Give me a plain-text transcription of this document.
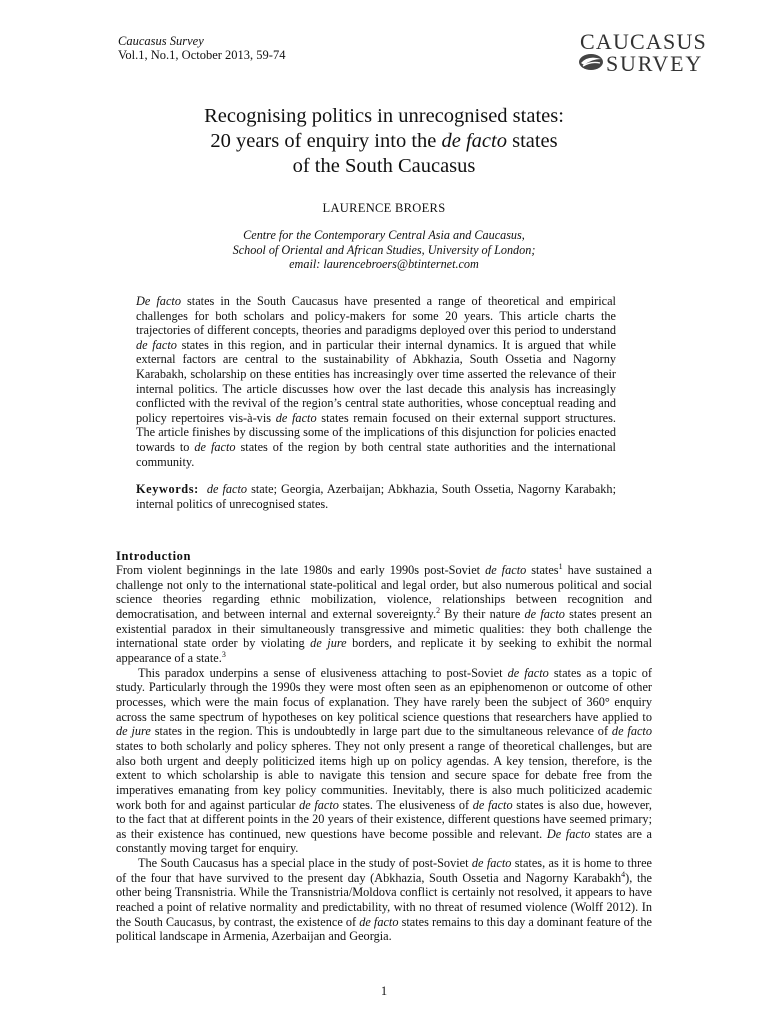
Caucasus Survey
Vol.1, No.1, October 2013, 59-74
CAUCASUS
SURVEY
Recognising politics in unrecognised states:
20 years of enquiry into the de facto states
of the South Caucasus
LAURENCE BROERS
Centre for the Contemporary Central Asia and Caucasus,
School of Oriental and African Studies, University of London;
email: laurencebroers@btinternet.com

De facto states in the South Caucasus have presented a range of theoretical and empirical challenges for both scholars and policy-makers for some 20 years. This article charts the trajectories of different concepts, theories and paradigms deployed over this period to understand de facto states in this region, and in particular their internal dynamics. It is argued that while external factors are central to the sustainability of Abkhazia, South Ossetia and Nagorny Karabakh, scholarship on these entities has increasingly over time asserted the relevance of their internal politics. The article discusses how over the last decade this analysis has increasingly conflicted with the revival of the region’s central state authorities, whose conceptual reading and policy repertoires vis-à-vis de facto states remain focused on their external support structures. The article finishes by discussing some of the implications of this disjunction for policies enacted towards to de facto states of the region by both central state authorities and the international community.

Keywords: de facto state; Georgia, Azerbaijan; Abkhazia, South Ossetia, Nagorny Karabakh; internal politics of unrecognised states.

Introduction

From violent beginnings in the late 1980s and early 1990s post-Soviet de facto states$^1$ have sustained a challenge not only to the international state-political and legal order, but also numerous political and social science theories regarding ethnic mobilization, violence, relationships between recognition and democratisation, and between internal and external sovereignty.$^2$ By their nature de facto states present an existential paradox in their simultaneously transgressive and mimetic qualities: they both challenge the international state order by violating de jure borders, and replicate it by seeking to exhibit the normal appearance of a state.$^3$

This paradox underpins a sense of elusiveness attaching to post-Soviet de facto states as a topic of study. Particularly through the 1990s they were most often seen as an epiphenomenon or outcome of other processes, which were the main focus of explanation. They have rarely been the subject of 360° enquiry across the same spectrum of hypotheses on key political science questions that researchers have applied to de jure states in the region. This is undoubtedly in large part due to the simultaneous relevance of de facto states to both scholarly and policy spheres. They not only present a range of theoretical challenges, but are also both urgent and deeply politicized items high up on policy agendas. A key tension, therefore, is the extent to which scholarship is able to navigate this tension and secure space for debate free from the imperatives emanating from key policy communities. Inevitably, there is also much politicized academic work both for and against particular de facto states. The elusiveness of de facto states is also due, however, to the fact that at different points in the 20 years of their existence, different questions have seemed primary; as their existence has continued, new questions have become possible and relevant. De facto states are a constantly moving target for enquiry.

The South Caucasus has a special place in the study of post-Soviet de facto states, as it is home to three of the four that have survived to the present day (Abkhazia, South Ossetia and Nagorny Karabakh$^4$), the other being Transnistria. While the Transnistria/Moldova conflict is certainly not resolved, it appears to have reached a point of relative normality and predictability, with no threat of resumed violence (Wolff 2012). In the South Caucasus, by contrast, the existence of de facto states remains to this day a dominant feature of the political landscape in Armenia, Azerbaijan and Georgia.

1
